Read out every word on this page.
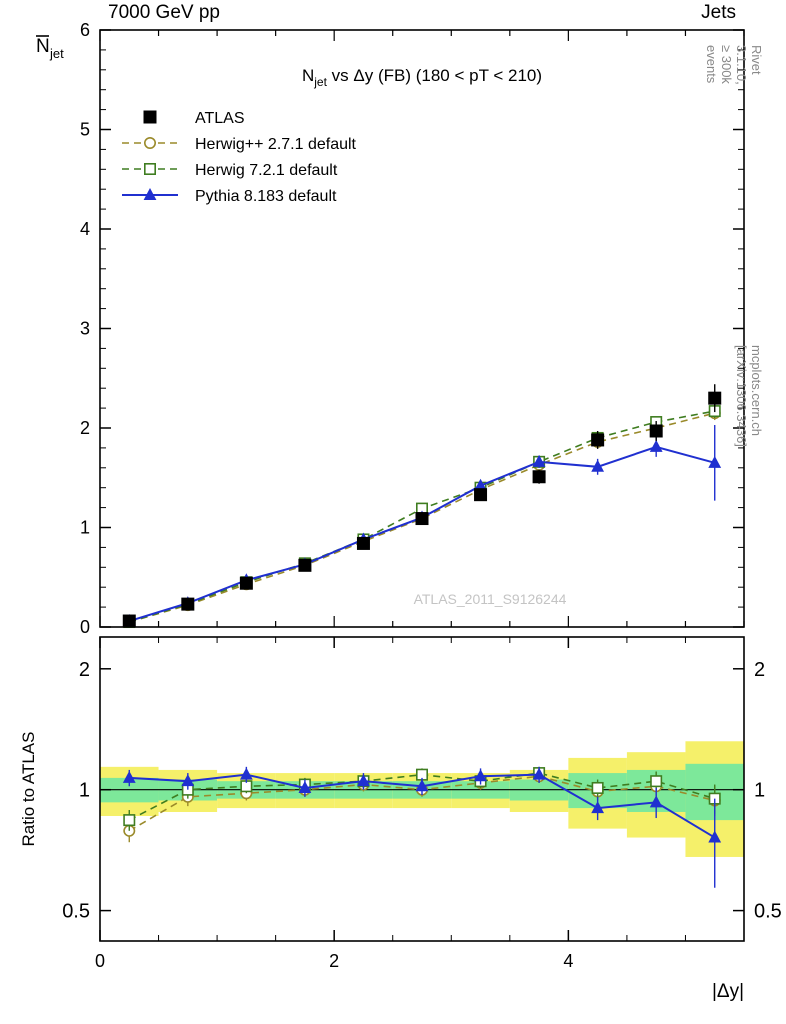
7000 GeV pp	Jets
Rivet 3.1.10, ≥ 300k events
mcplots.cern.ch [arXiv:1306.3436]
0
1
2
3
4
5
6
0	2	4
0.5	0.5
1	1
2	2
|Δy|
Ratio to ATLAS
N jet
$N_{jet}$ vs Δy (FB) (180 < pT < 210)
ATLAS_2011_S9126244
ATLAS
Herwig++ 2.7.1 default
Herwig 7.2.1 default
Pythia 8.183 default
